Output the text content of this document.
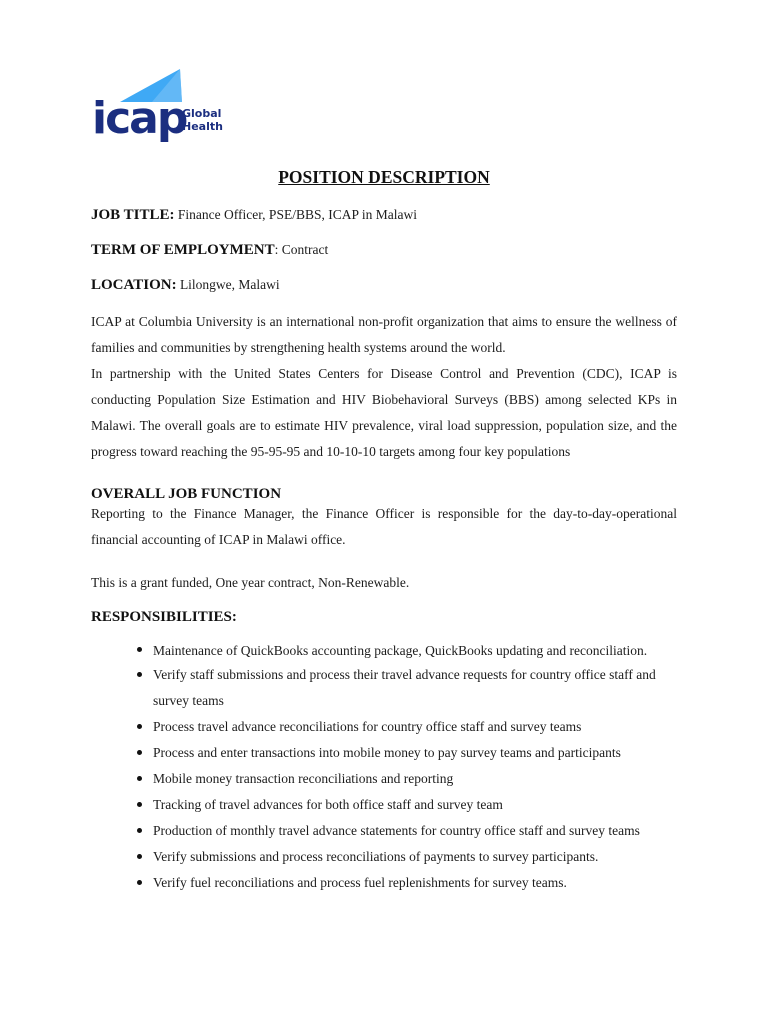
icap
Global
Health
POSITION DESCRIPTION
JOB TITLE: Finance Officer, PSE/BBS, ICAP in Malawi
TERM OF EMPLOYMENT: Contract
LOCATION: Lilongwe, Malawi
ICAP at Columbia University is an international non-profit organization that aims to ensure the wellness of families and communities by strengthening health systems around the world.
In partnership with the United States Centers for Disease Control and Prevention (CDC), ICAP is conducting Population Size Estimation and HIV Biobehavioral Surveys (BBS) among selected KPs in Malawi. The overall goals are to estimate HIV prevalence, viral load suppression, population size, and the progress toward reaching the 95-95-95 and 10-10-10 targets among four key populations
OVERALL JOB FUNCTION
Reporting to the Finance Manager, the Finance Officer is responsible for the day-to-day-operational financial accounting of ICAP in Malawi office.
This is a grant funded, One year contract, Non-Renewable.
RESPONSIBILITIES:
Maintenance of QuickBooks accounting package, QuickBooks updating and reconciliation.
Verify staff submissions and process their travel advance requests for country office staff and survey teams
Process travel advance reconciliations for country office staff and survey teams
Process and enter transactions into mobile money to pay survey teams and participants
Mobile money transaction reconciliations and reporting
Tracking of travel advances for both office staff and survey team
Production of monthly travel advance statements for country office staff and survey teams
Verify submissions and process reconciliations of payments to survey participants.
Verify fuel reconciliations and process fuel replenishments for survey teams.
